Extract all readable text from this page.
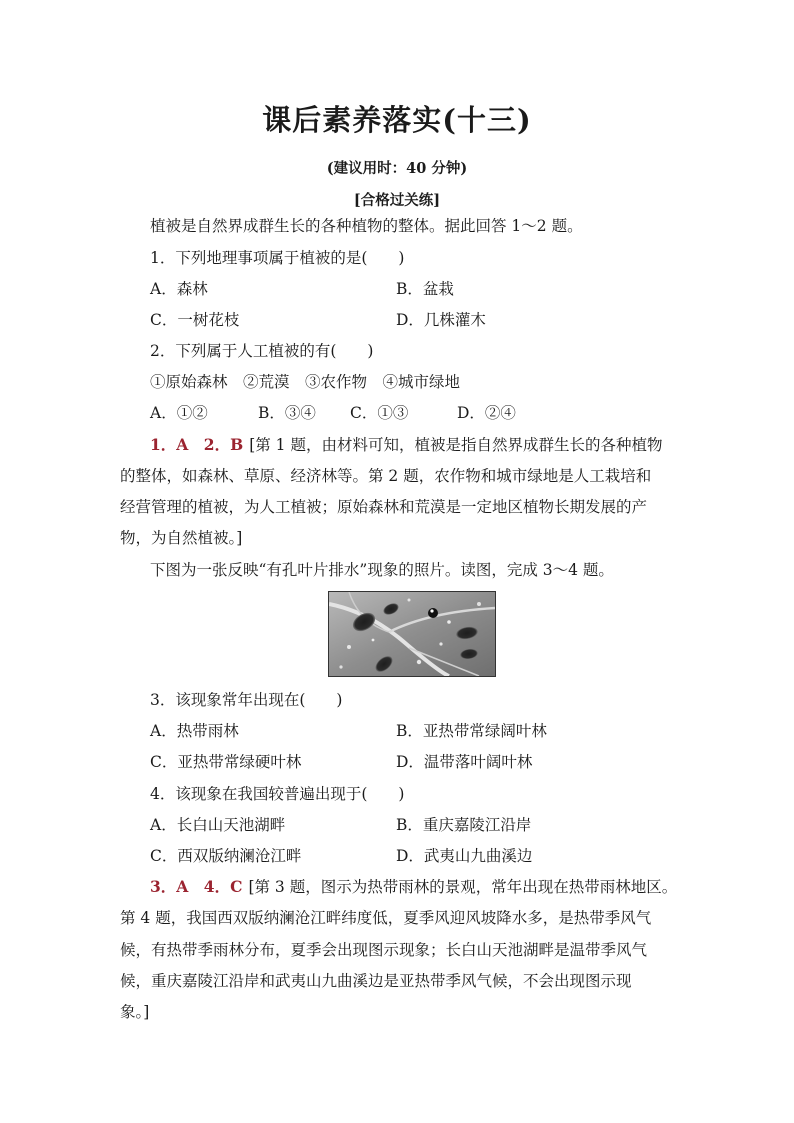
课后素养落实(十三)
(建议用时：40 分钟)
[合格过关练]
植被是自然界成群生长的各种植物的整体。据此回答 1～2 题。
1．下列地理事项属于植被的是(　　)
A．森林	B．盆栽
C．一树花枝	D．几株灌木
2．下列属于人工植被的有(　　)
①原始森林　②荒漠　③农作物　④城市绿地
A．①②	B．③④ C．①③	D．②④
1．A　2．B [第 1 题，由材料可知，植被是指自然界成群生长的各种植物
的整体，如森林、草原、经济林等。第 2 题，农作物和城市绿地是人工栽培和
经营管理的植被，为人工植被；原始森林和荒漠是一定地区植物长期发展的产
物，为自然植被。]
下图为一张反映“有孔叶片排水”现象的照片。读图，完成 3～4 题。
3．该现象常年出现在(　　)
A．热带雨林	B．亚热带常绿阔叶林
C．亚热带常绿硬叶林	D．温带落叶阔叶林
4．该现象在我国较普遍出现于(　　)
A．长白山天池湖畔	B．重庆嘉陵江沿岸
C．西双版纳澜沧江畔	D．武夷山九曲溪边
3．A　4．C [第 3 题，图示为热带雨林的景观，常年出现在热带雨林地区。
第 4 题，我国西双版纳澜沧江畔纬度低，夏季风迎风坡降水多，是热带季风气
候，有热带季雨林分布，夏季会出现图示现象；长白山天池湖畔是温带季风气
候，重庆嘉陵江沿岸和武夷山九曲溪边是亚热带季风气候，不会出现图示现
象。]
